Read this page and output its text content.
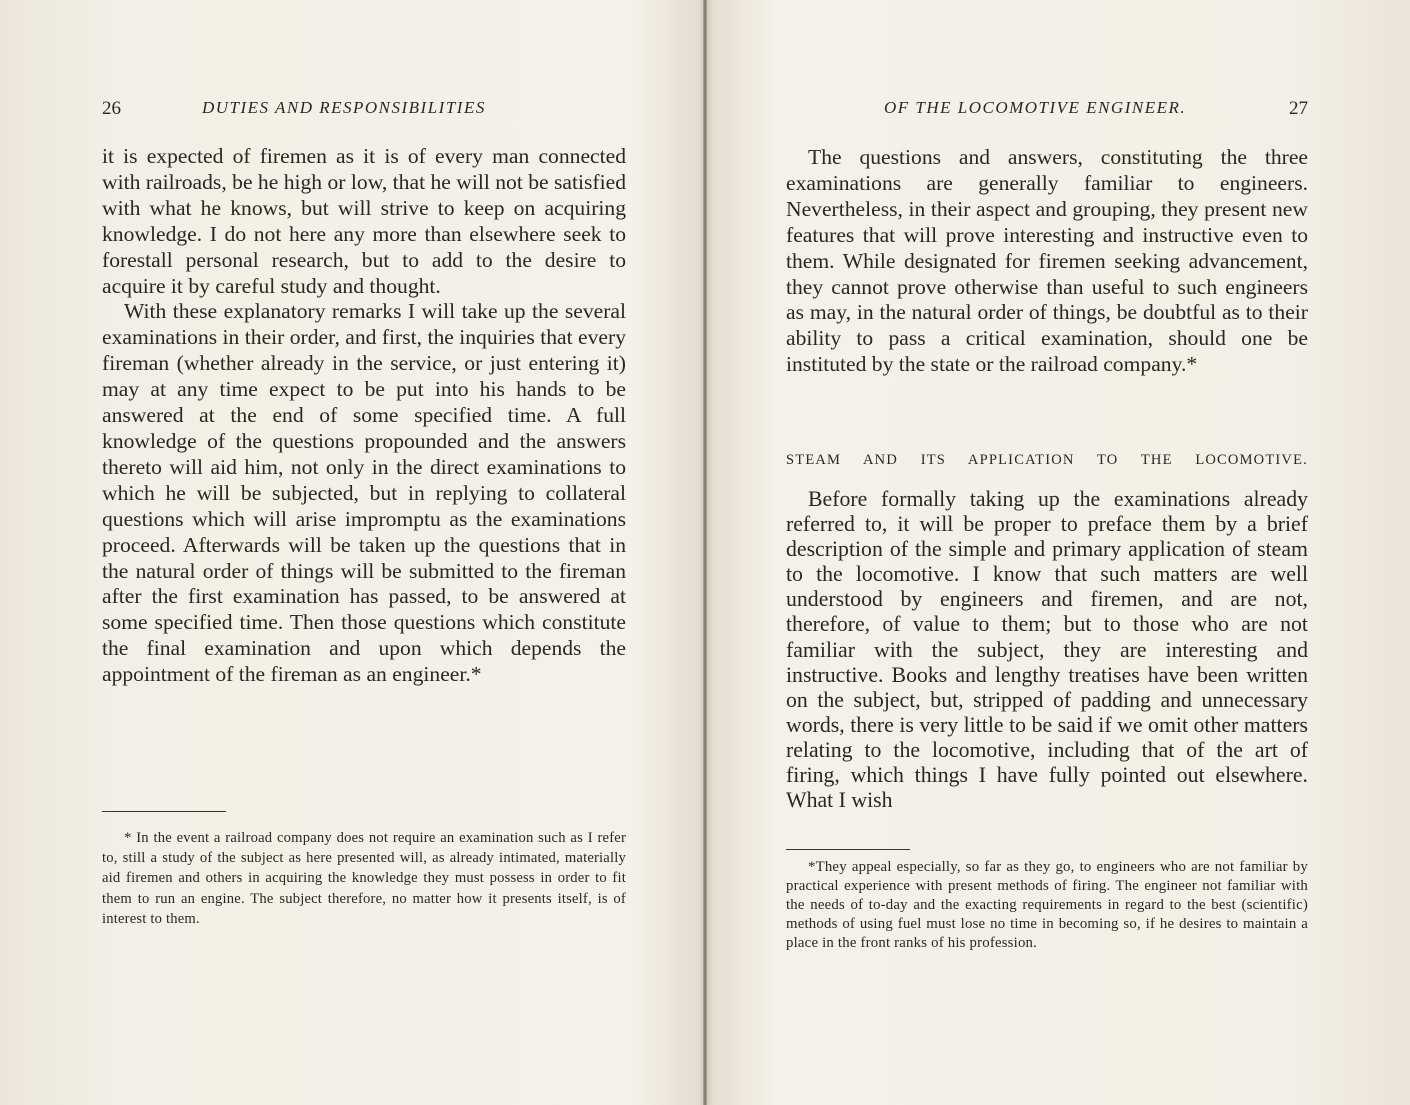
26	DUTIES AND RESPONSIBILITIES

it is expected of firemen as it is of every man connected with railroads, be he high or low, that he will not be satisfied with what he knows, but will strive to keep on acquiring knowledge. I do not here any more than elsewhere seek to forestall personal research, but to add to the desire to acquire it by careful study and thought.

With these explanatory remarks I will take up the several examinations in their order, and first, the inquiries that every fireman (whether already in the service, or just entering it) may at any time expect to be put into his hands to be answered at the end of some specified time. A full knowledge of the questions propounded and the answers thereto will aid him, not only in the direct examinations to which he will be subjected, but in replying to collateral questions which will arise impromptu as the examinations proceed. Afterwards will be taken up the questions that in the natural order of things will be submitted to the fireman after the first examination has passed, to be answered at some specified time. Then those questions which constitute the final examination and upon which depends the appointment of the fireman as an engineer.*

* In the event a railroad company does not require an examination such as I refer to, still a study of the subject as here presented will, as already intimated, materially aid firemen and others in acquiring the knowledge they must possess in order to fit them to run an engine. The subject therefore, no matter how it presents itself, is of interest to them.

OF THE LOCOMOTIVE ENGINEER.	27

The questions and answers, constituting the three examinations are generally familiar to engineers. Nevertheless, in their aspect and grouping, they present new features that will prove interesting and instructive even to them. While designated for firemen seeking advancement, they cannot prove otherwise than useful to such engineers as may, in the natural order of things, be doubtful as to their ability to pass a critical examination, should one be instituted by the state or the railroad company.*

STEAM AND ITS APPLICATION TO THE LOCOMOTIVE.

Before formally taking up the examinations already referred to, it will be proper to preface them by a brief description of the simple and primary application of steam to the locomotive. I know that such matters are well understood by engineers and firemen, and are not, therefore, of value to them; but to those who are not familiar with the subject, they are interesting and instructive. Books and lengthy treatises have been written on the subject, but, stripped of padding and unnecessary words, there is very little to be said if we omit other matters relating to the locomotive, including that of the art of firing, which things I have fully pointed out elsewhere. What I wish

*They appeal especially, so far as they go, to engineers who are not familiar by practical experience with present methods of firing. The engineer not familiar with the needs of to-day and the exacting requirements in regard to the best (scientific) methods of using fuel must lose no time in becoming so, if he desires to maintain a place in the front ranks of his profession.
